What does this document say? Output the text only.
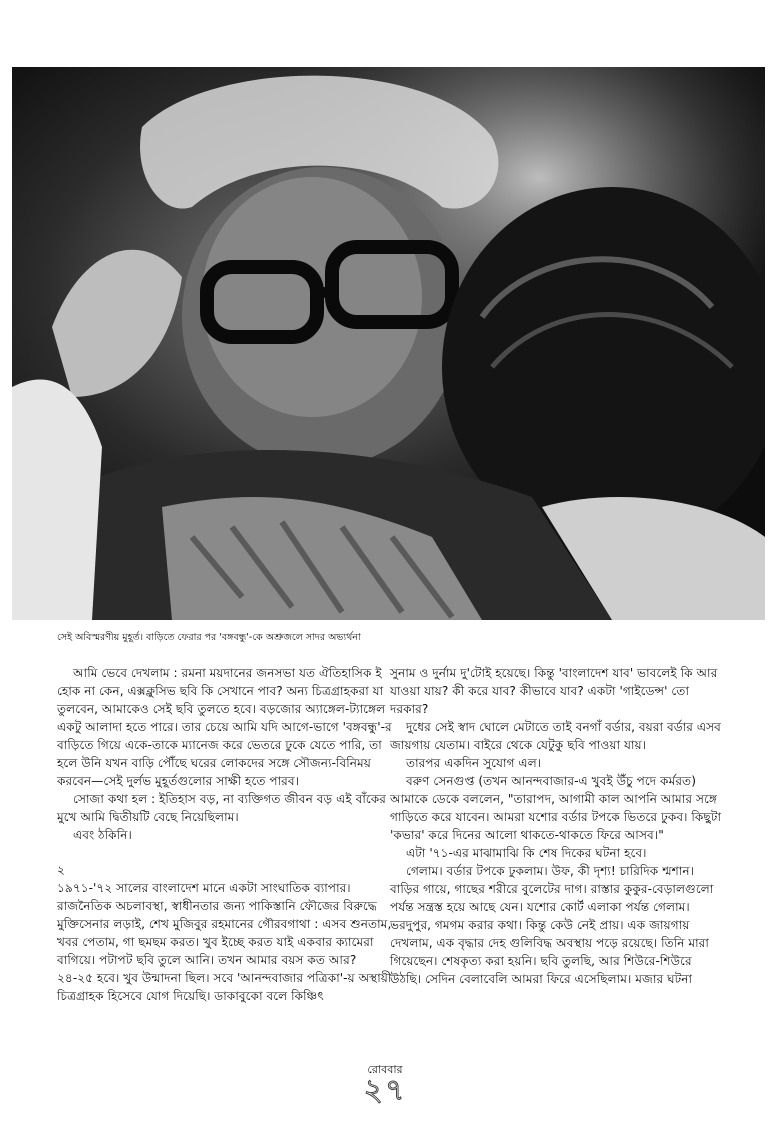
সেই অবিস্মরণীয় মুহূর্ত। বাড়িতে ফেরার পর 'বঙ্গবন্ধু'-কে অশ্রুজলে সাদর অভ্যর্থনা

আমি ভেবে দেখলাম : রমনা ময়দানের জনসভা যত ঐতিহাসিক ই হোক না কেন, এক্সক্লুসিভ ছবি কি সেখানে পাব? অন্য চিত্রগ্রাহকরা যা তুলবেন, আমাকেও সেই ছবি তুলতে হবে। বড়জোর অ্যাঙ্গেল-ট্যাঙ্গেল একটু আলাদা হতে পারে। তার চেয়ে আমি যদি আগে-ভাগে 'বঙ্গবন্ধু'-র বাড়িতে গিয়ে একে-তাকে ম্যানেজ করে ভেতরে ঢুকে যেতে পারি, তা হলে উনি যখন বাড়ি পৌঁছে ঘরের লোকদের সঙ্গে সৌজন্য-বিনিময় করবেন—সেই দুর্লভ মুহূর্তগুলোর সাক্ষী হতে পারব।

সোজা কথা হল : ইতিহাস বড়, না ব্যক্তিগত জীবন বড় এই বাঁকের মুখে আমি দ্বিতীয়টি বেছে নিয়েছিলাম।

এবং ঠকিনি।

২

১৯৭১-'৭২ সালের বাংলাদেশ মানে একটা সাংঘাতিক ব্যাপার। রাজনৈতিক অচলাবস্থা, স্বাধীনতার জন্য পাকিস্তানি ফৌজের বিরুদ্ধে মুক্তিসেনার লড়াই, শেখ মুজিবুর রহমানের গৌরবগাথা : এসব শুনতাম, খবর পেতাম, গা ছমছম করত। খুব ইচ্ছে করত যাই একবার ক্যামেরা বাগিয়ে। পটাপট ছবি তুলে আনি। তখন আমার বয়স কত আর? ২৪-২৫ হবে। খুব উন্মাদনা ছিল। সবে 'আনন্দবাজার পত্রিকা'-য় অস্থায়ী চিত্রগ্রাহক হিসেবে যোগ দিয়েছি। ডাকাবুকো বলে কিঞ্চিৎ

সুনাম ও দুর্নাম দু'টোই হয়েছে। কিন্তু 'বাংলাদেশ যাব' ভাবলেই কি আর যাওয়া যায়? কী করে যাব? কীভাবে যাব? একটা 'গাইডেন্স' তো দরকার?

দুধের সেই স্বাদ ঘোলে মেটাতে তাই বনগাঁ বর্ডার, বয়রা বর্ডার এসব জায়গায় যেতাম। বাইরে থেকে যেটুকু ছবি পাওয়া যায়।

তারপর একদিন সুযোগ এল।

বরুণ সেনগুপ্ত (তখন আনন্দবাজার-এ খুবই উঁচু পদে কর্মরত) আমাকে ডেকে বললেন, "তারাপদ, আগামী কাল আপনি আমার সঙ্গে গাড়িতে করে যাবেন। আমরা যশোর বর্ডার টপকে ভিতরে ঢুকব। কিছুটা 'কভার' করে দিনের আলো থাকতে-থাকতে ফিরে আসব।"

এটা '৭১-এর মাঝামাঝি কি শেষ দিকের ঘটনা হবে।

গেলাম। বর্ডার টপকে ঢুকলাম। উফ, কী দৃশ্য! চারিদিক শ্মশান। বাড়ির গায়ে, গাছের শরীরে বুলেটের দাগ। রাস্তার কুকুর-বেড়ালগুলো পর্যন্ত সন্ত্রস্ত হয়ে আছে যেন। যশোর কোর্ট এলাকা পর্যন্ত গেলাম। ভরদুপুর, গমগম করার কথা। কিন্তু কেউ নেই প্রায়। এক জায়গায় দেখলাম, এক বৃদ্ধার দেহ গুলিবিদ্ধ অবস্থায় পড়ে রয়েছে। তিনি মারা গিয়েছেন। শেষকৃত্য করা হয়নি। ছবি তুলছি, আর শিউরে-শিউরে উঠছি। সেদিন বেলাবেলি আমরা ফিরে এসেছিলাম। মজার ঘটনা

রোববার
২৭
